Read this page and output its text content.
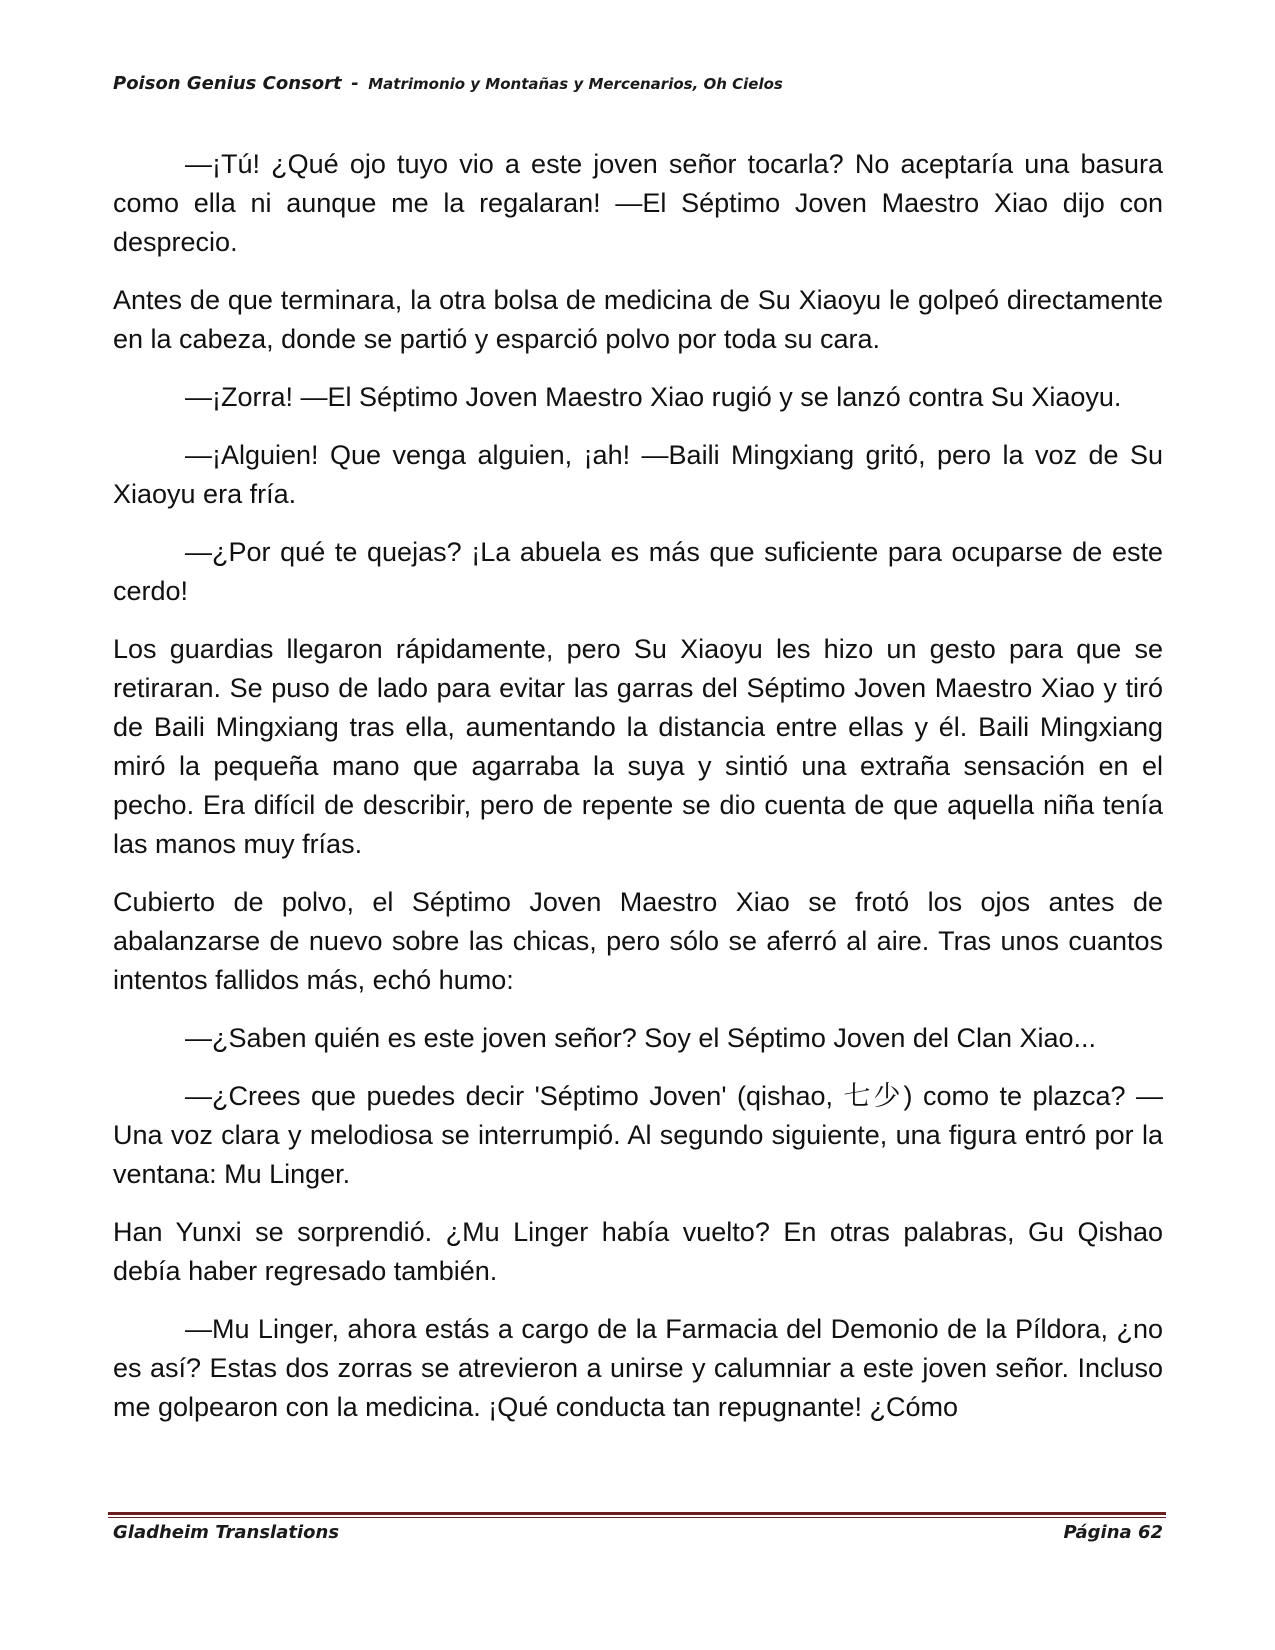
Poison Genius Consort - Matrimonio y Montañas y Mercenarios, Oh Cielos

—¡Tú! ¿Qué ojo tuyo vio a este joven señor tocarla? No aceptaría una basura como ella ni aunque me la regalaran! —El Séptimo Joven Maestro Xiao dijo con desprecio.

Antes de que terminara, la otra bolsa de medicina de Su Xiaoyu le golpeó directamente en la cabeza, donde se partió y esparció polvo por toda su cara.

—¡Zorra! —El Séptimo Joven Maestro Xiao rugió y se lanzó contra Su Xiaoyu.

—¡Alguien! Que venga alguien, ¡ah! —Baili Mingxiang gritó, pero la voz de Su Xiaoyu era fría.

—¿Por qué te quejas? ¡La abuela es más que suficiente para ocuparse de este cerdo!

Los guardias llegaron rápidamente, pero Su Xiaoyu les hizo un gesto para que se retiraran. Se puso de lado para evitar las garras del Séptimo Joven Maestro Xiao y tiró de Baili Mingxiang tras ella, aumentando la distancia entre ellas y él. Baili Mingxiang miró la pequeña mano que agarraba la suya y sintió una extraña sensación en el pecho. Era difícil de describir, pero de repente se dio cuenta de que aquella niña tenía las manos muy frías.

Cubierto de polvo, el Séptimo Joven Maestro Xiao se frotó los ojos antes de abalanzarse de nuevo sobre las chicas, pero sólo se aferró al aire. Tras unos cuantos intentos fallidos más, echó humo:

—¿Saben quién es este joven señor? Soy el Séptimo Joven del Clan Xiao...

—¿Crees que puedes decir 'Séptimo Joven' (qishao, 七少) como te plazca? —Una voz clara y melodiosa se interrumpió. Al segundo siguiente, una figura entró por la ventana: Mu Linger.

Han Yunxi se sorprendió. ¿Mu Linger había vuelto? En otras palabras, Gu Qishao debía haber regresado también.

—Mu Linger, ahora estás a cargo de la Farmacia del Demonio de la Píldora, ¿no es así? Estas dos zorras se atrevieron a unirse y calumniar a este joven señor. Incluso me golpearon con la medicina. ¡Qué conducta tan repugnante! ¿Cómo

Gladheim Translations	Página 62
